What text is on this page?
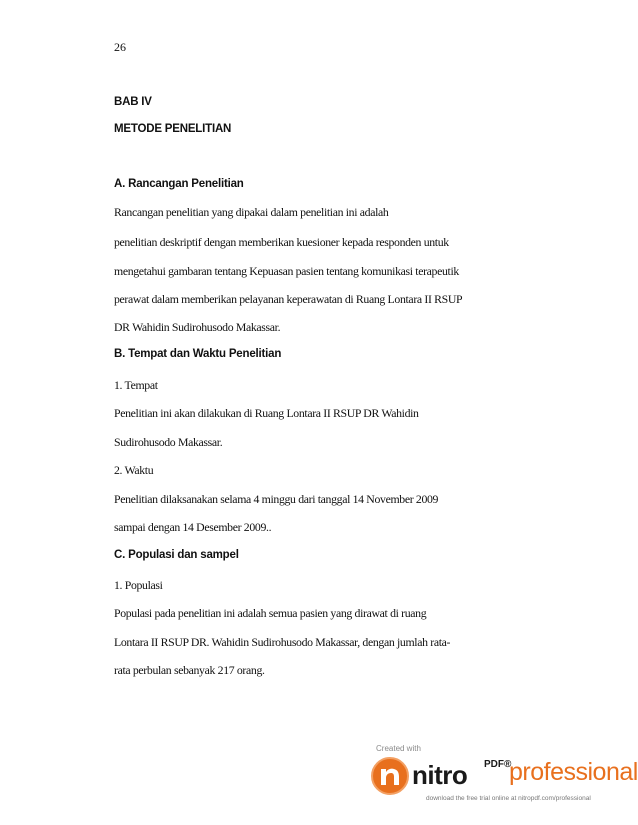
26
BAB IV
METODE PENELITIAN
A. Rancangan Penelitian
Rancangan penelitian yang dipakai dalam penelitian ini adalah
penelitian deskriptif dengan memberikan kuesioner kepada responden untuk
mengetahui gambaran tentang Kepuasan pasien tentang komunikasi terapeutik
perawat dalam memberikan pelayanan keperawatan di Ruang Lontara II RSUP
DR Wahidin Sudirohusodo Makassar.
B. Tempat dan Waktu Penelitian
1. Tempat
Penelitian ini akan dilakukan di Ruang Lontara II RSUP DR Wahidin
Sudirohusodo Makassar.
2. Waktu
Penelitian dilaksanakan selama 4 minggu dari tanggal 14 November 2009
sampai dengan 14 Desember 2009..
C. Populasi dan sampel
1. Populasi
Populasi pada penelitian ini adalah semua pasien yang dirawat di ruang
Lontara II RSUP DR. Wahidin Sudirohusodo Makassar, dengan jumlah rata-
rata perbulan sebanyak 217 orang.
Created with
nitro PDF®
professional
download the free trial online at nitropdf.com/professional
